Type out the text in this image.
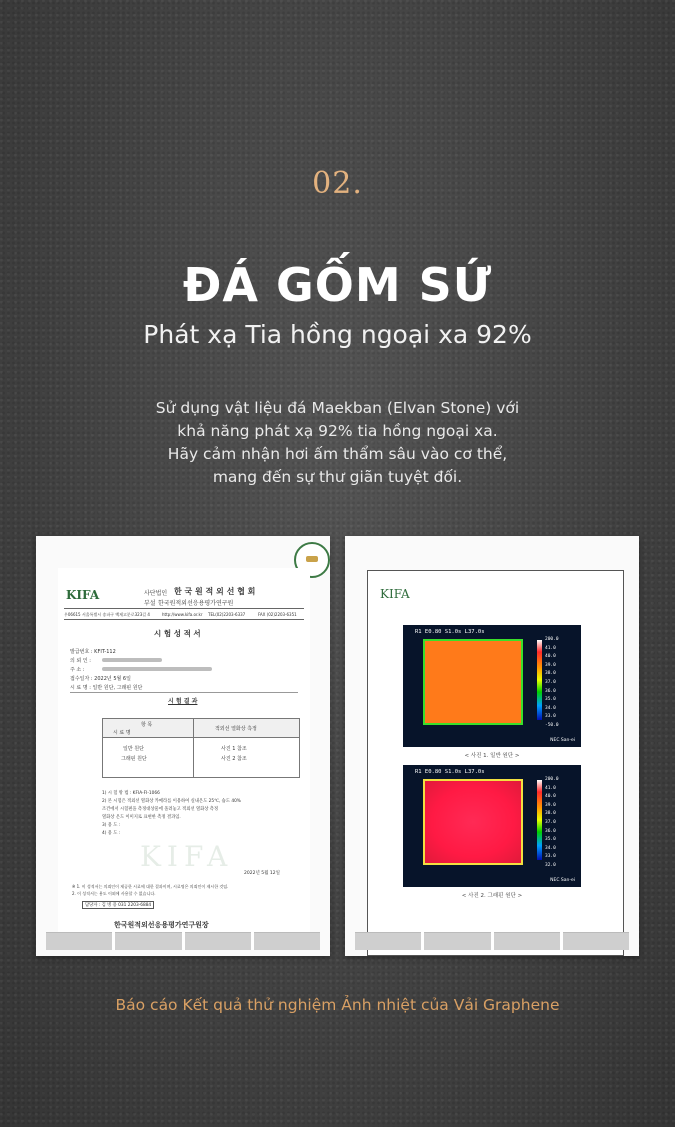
02.
ĐÁ GỐM SỨ
Phát xạ Tia hồng ngoại xa 92%
Sử dụng vật liệu đá Maekban (Elvan Stone) với
khả năng phát xạ 92% tia hồng ngoại xa.
Hãy cảm nhận hơi ấm thẩm sâu vào cơ thể,
mang đến sự thư giãn tuyệt đối.
KIFA	사단법인 한 국 원 적 외 선 협 회
부설 한국원적외선응용평가연구원
우06615 서울특별시 송파구 백제고분로323길 4	http://www.kifa.or.kr TEL(02)2203-6337	FAX (02)2203-6351
시 험 성 적 서
발급번호 : KFIT-112
의 뢰 인 :
주 소 :
접수일자 : 2022년 5월 6일
시 료 명 : 일반 원단, 그래핀 원단
시 험 결 과
항 목
시 료 명
적외선 열화상 측정
일반 원단	사진 1 참조
그래핀 원단	사진 2 참조
1) 시 험 방 법 : KFIA-FI-1066
2) 본 시험은 적외선 열화상 카메라를 이용하여 실내온도 25℃, 습도 40%
조건에서 시험편을 측정대상물에 올려놓고 적외선 열화상 측정
열화상 온도 이미지로 표현한 측정 결과임.
3) 용 도 :
4) 용 도 :
KIFA
2022년 5월 12일
※ 1. 이 성적서는 의뢰인이 제공한 시료에 대한 결과이며, 시료명은 의뢰인이 제시한 것임.
2. 이 성적서는 용도 이외에 사용할 수 없습니다.
담당자 : 김 병 용 031 2203-6884
한국원적외선응용평가연구원장
KIFA
R1 E0.80 S1.0s L37.0s
200.0
41.0
40.0
39.0
38.0
37.0
36.0
35.0
34.0
33.0
-50.0
NEC San-ei
< 사진 1. 일반 원단 >
R1 E0.80 S1.0s L37.0s
200.0
41.0
40.0
39.0
38.0
37.0
36.0
35.0
34.0
33.0
32.0
NEC San-ei
< 사진 2. 그래핀 원단 >
Báo cáo Kết quả thử nghiệm Ảnh nhiệt của Vải Graphene
